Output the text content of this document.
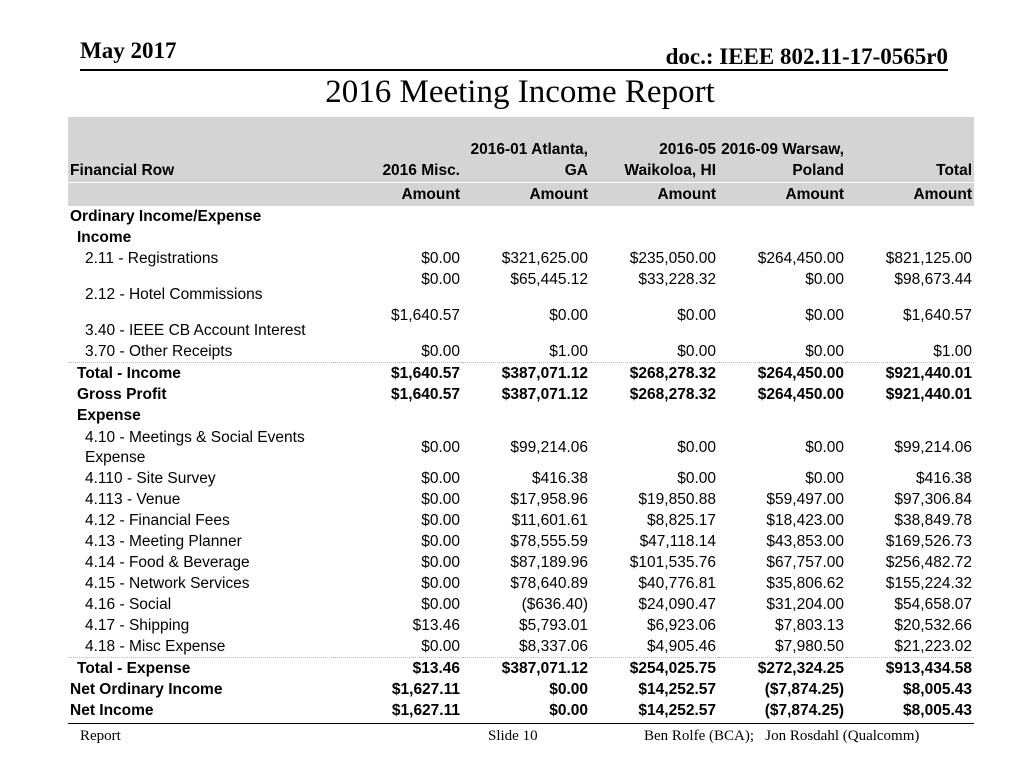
May 2017	doc.: IEEE 802.11-17-0565r0
2016 Meeting Income Report
Financial Row	2016 Misc.	2016-01 Atlanta, GA	2016-05 Waikoloa, HI	2016-09 Warsaw, Poland	Total
	Amount	Amount	Amount	Amount	Amount
Ordinary Income/Expense					
Income					
2.11 - Registrations	$0.00	$321,625.00	$235,050.00	$264,450.00	$821,125.00
2.12 - Hotel Commissions	$0.00	$65,445.12	$33,228.32	$0.00	$98,673.44
3.40 - IEEE CB Account Interest	$1,640.57	$0.00	$0.00	$0.00	$1,640.57
3.70 - Other Receipts	$0.00	$1.00	$0.00	$0.00	$1.00
Total - Income	$1,640.57	$387,071.12	$268,278.32	$264,450.00	$921,440.01
Gross Profit	$1,640.57	$387,071.12	$268,278.32	$264,450.00	$921,440.01
Expense					
4.10 - Meetings & Social Events Expense	$0.00	$99,214.06	$0.00	$0.00	$99,214.06
4.110 - Site Survey	$0.00	$416.38	$0.00	$0.00	$416.38
4.113 - Venue	$0.00	$17,958.96	$19,850.88	$59,497.00	$97,306.84
4.12 - Financial Fees	$0.00	$11,601.61	$8,825.17	$18,423.00	$38,849.78
4.13 - Meeting Planner	$0.00	$78,555.59	$47,118.14	$43,853.00	$169,526.73
4.14 - Food & Beverage	$0.00	$87,189.96	$101,535.76	$67,757.00	$256,482.72
4.15 - Network Services	$0.00	$78,640.89	$40,776.81	$35,806.62	$155,224.32
4.16 - Social	$0.00	($636.40)	$24,090.47	$31,204.00	$54,658.07
4.17 - Shipping	$13.46	$5,793.01	$6,923.06	$7,803.13	$20,532.66
4.18 - Misc Expense	$0.00	$8,337.06	$4,905.46	$7,980.50	$21,223.02
Total - Expense	$13.46	$387,071.12	$254,025.75	$272,324.25	$913,434.58
Net Ordinary Income	$1,627.11	$0.00	$14,252.57	($7,874.25)	$8,005.43
Net Income	$1,627.11	$0.00	$14,252.57	($7,874.25)	$8,005.43
Report	Slide 10	Ben Rolfe (BCA);   Jon Rosdahl (Qualcomm)
